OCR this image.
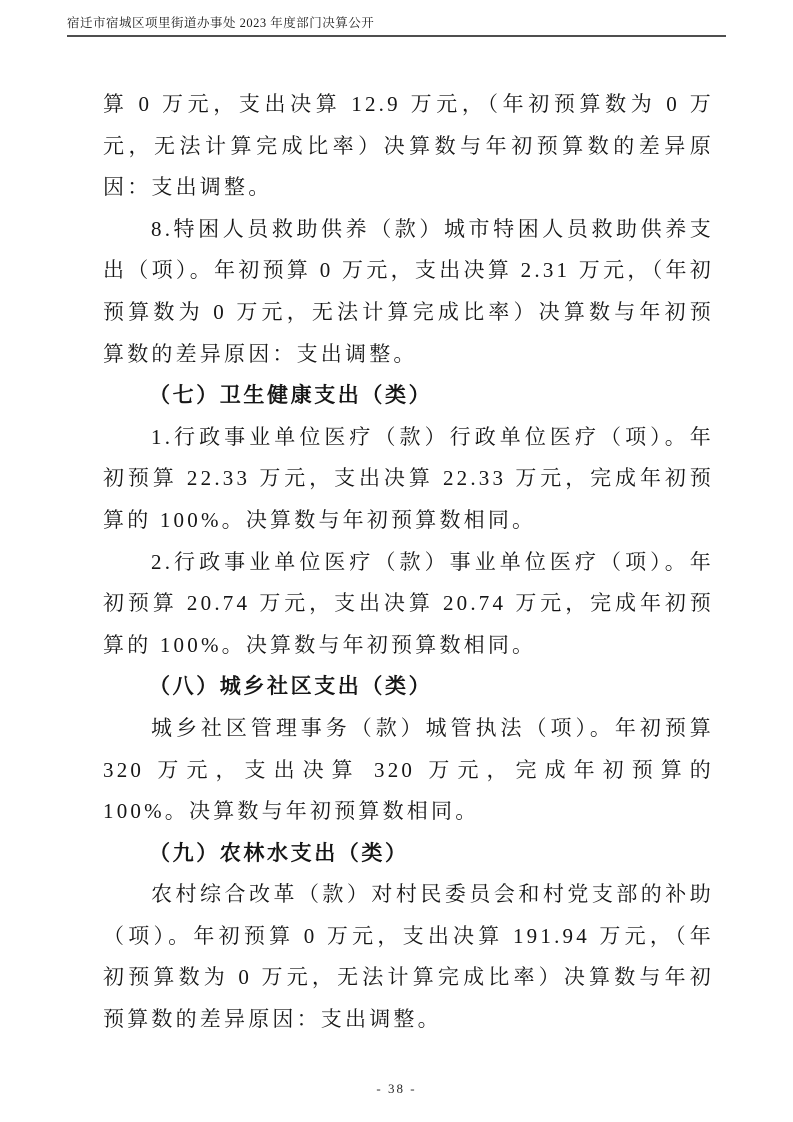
宿迁市宿城区项里街道办事处 2023 年度部门决算公开

算 0 万元，支出决算 12.9 万元，（年初预算数为 0 万元，无法计算完成比率）决算数与年初预算数的差异原因：支出调整。

8.特困人员救助供养（款）城市特困人员救助供养支出（项）。年初预算 0 万元，支出决算 2.31 万元，（年初预算数为 0 万元，无法计算完成比率）决算数与年初预算数的差异原因：支出调整。

（七）卫生健康支出（类）

1.行政事业单位医疗（款）行政单位医疗（项）。年初预算 22.33 万元，支出决算 22.33 万元，完成年初预算的 100%。决算数与年初预算数相同。

2.行政事业单位医疗（款）事业单位医疗（项）。年初预算 20.74 万元，支出决算 20.74 万元，完成年初预算的 100%。决算数与年初预算数相同。

（八）城乡社区支出（类）

城乡社区管理事务（款）城管执法（项）。年初预算 320 万元，支出决算 320 万元，完成年初预算的 100%。决算数与年初预算数相同。

（九）农林水支出（类）

农村综合改革（款）对村民委员会和村党支部的补助（项）。年初预算 0 万元，支出决算 191.94 万元，（年初预算数为 0 万元，无法计算完成比率）决算数与年初预算数的差异原因：支出调整。

- 38 -
